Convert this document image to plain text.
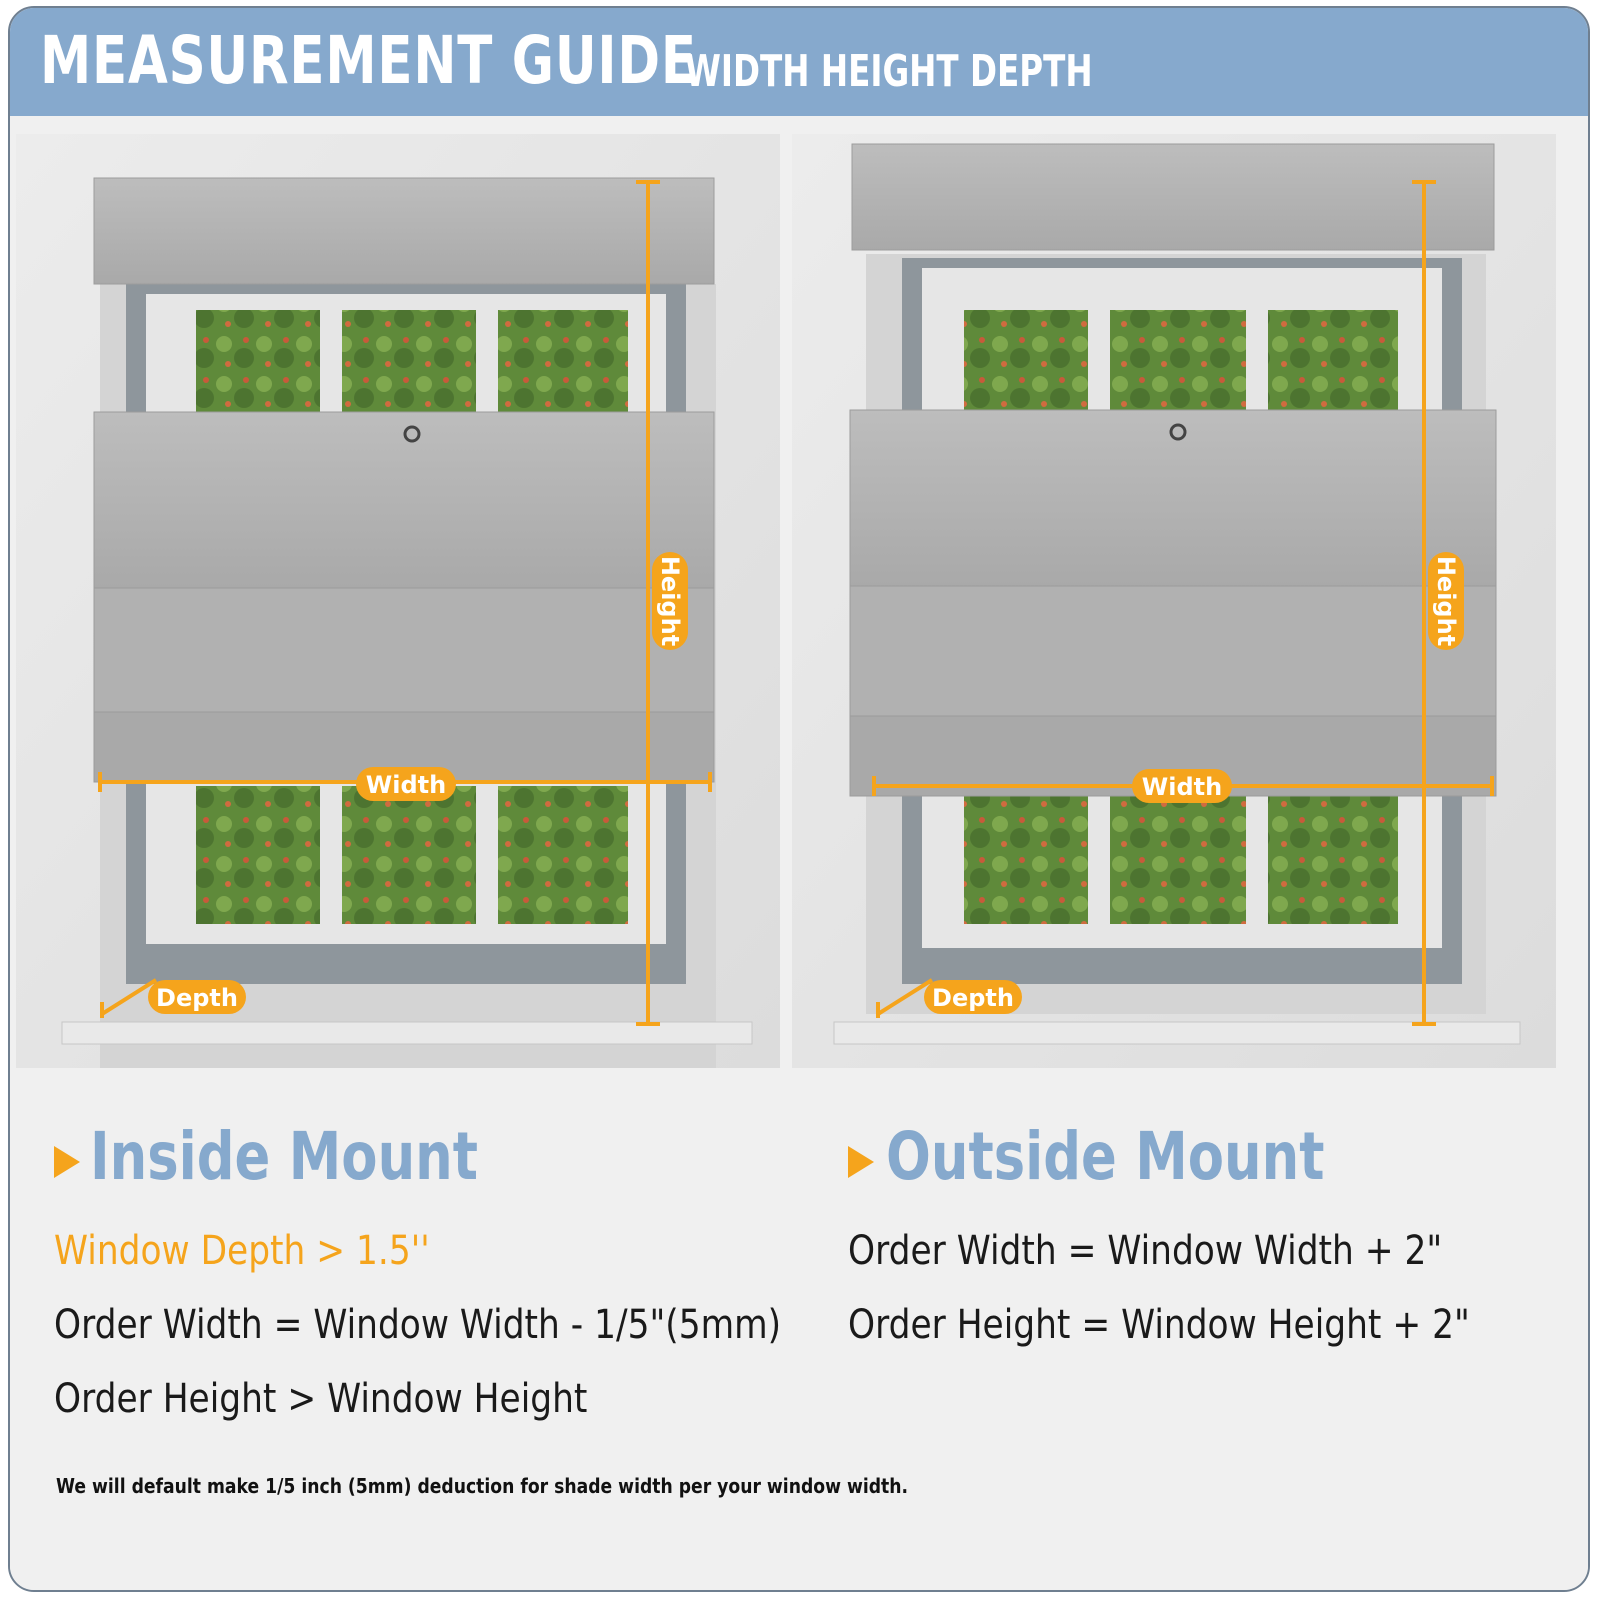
MEASUREMENT GUIDE
WIDTH HEIGHT DEPTH
Height
Width
Depth
Height
Width
Depth
Inside Mount
Window Depth > 1.5''
Order Width = Window Width - 1/5"(5mm)
Order Height > Window Height
Outside Mount
Order Width = Window Width + 2"
Order Height = Window Height + 2"
We will default make 1/5 inch (5mm) deduction for shade width per your window width.
